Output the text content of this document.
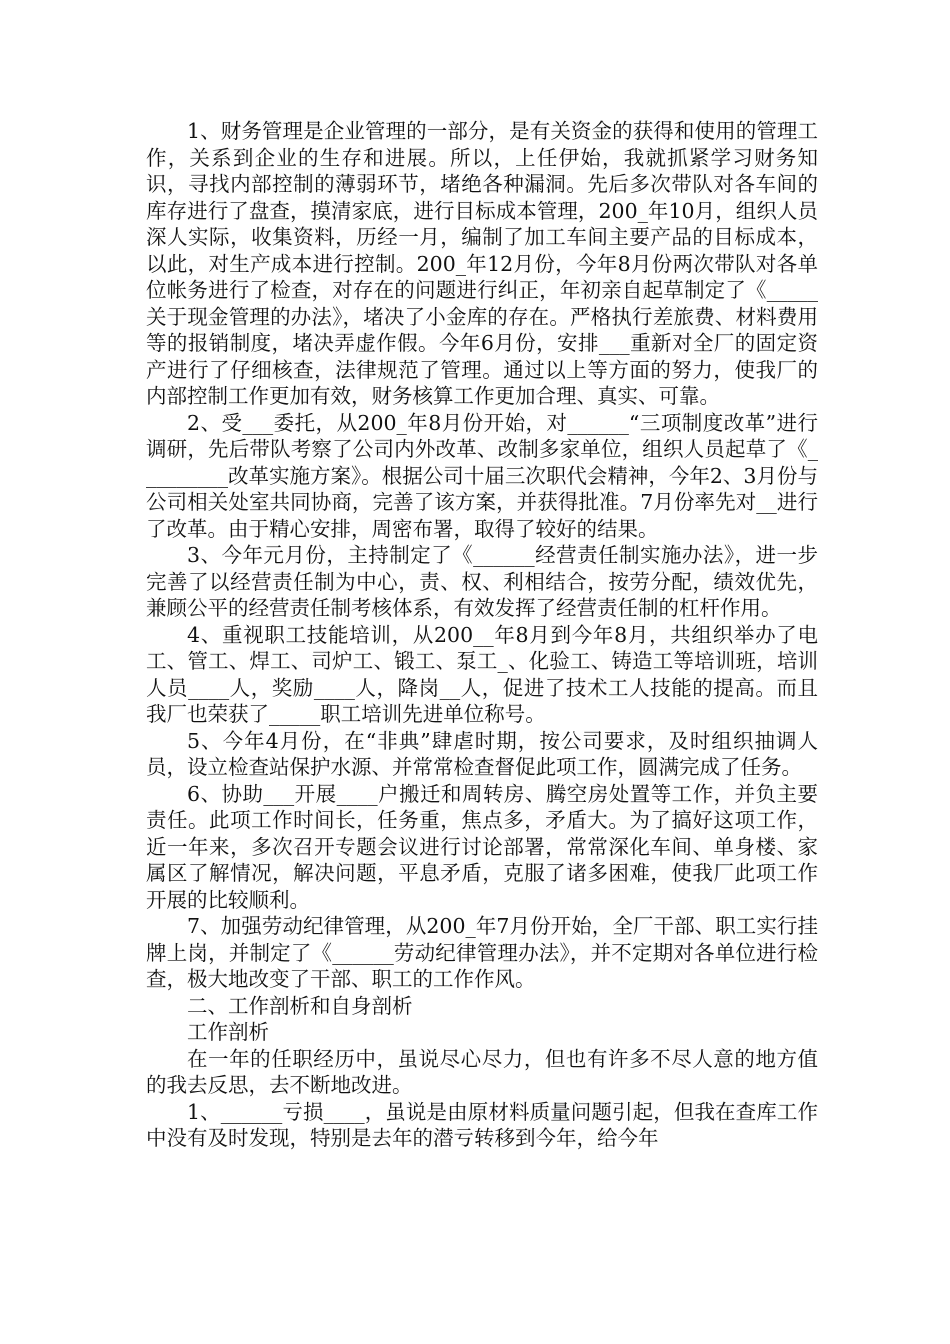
1、财务管理是企业管理的一部分，是有关资金的获得和使用的管理工作，关系到企业的生存和进展。所以，上任伊始，我就抓紧学习财务知识，寻找内部控制的薄弱环节，堵绝各种漏洞。先后多次带队对各车间的库存进行了盘查，摸清家底，进行目标成本管理，200_年10月，组织人员深人实际，收集资料，历经一月，编制了加工车间主要产品的目标成本，以此，对生产成本进行控制。200_年12月份，今年8月份两次带队对各单位帐务进行了检查，对存在的问题进行纠正，年初亲自起草制定了《_____关于现金管理的办法》，堵决了小金库的存在。严格执行差旅费、材料费用等的报销制度，堵决弄虚作假。今年6月份，安排___重新对全厂的固定资产进行了仔细核查，法律规范了管理。通过以上等方面的努力，使我厂的内部控制工作更加有效，财务核算工作更加合理、真实、可靠。

2、受___委托，从200_年8月份开始，对______“三项制度改革”进行调研，先后带队考察了公司内外改革、改制多家单位，组织人员起草了《_________改革实施方案》。根据公司十届三次职代会精神，今年2、3月份与公司相关处室共同协商，完善了该方案，并获得批准。7月份率先对__进行了改革。由于精心安排，周密布署，取得了较好的结果。

3、今年元月份，主持制定了《______经营责任制实施办法》，进一步完善了以经营责任制为中心，责、权、利相结合，按劳分配，绩效优先，兼顾公平的经营责任制考核体系，有效发挥了经营责任制的杠杆作用。

4、重视职工技能培训，从200__年8月到今年8月，共组织举办了电工、管工、焊工、司炉工、锻工、泵工_、化验工、铸造工等培训班，培训人员____人，奖励____人，降岗__人，促进了技术工人技能的提高。而且我厂也荣获了_____职工培训先进单位称号。

5、今年4月份，在“非典”肆虐时期，按公司要求，及时组织抽调人员，设立检查站保护水源、并常常检查督促此项工作，圆满完成了任务。

6、协助___开展____户搬迁和周转房、腾空房处置等工作，并负主要责任。此项工作时间长，任务重，焦点多，矛盾大。为了搞好这项工作，近一年来，多次召开专题会议进行讨论部署，常常深化车间、单身楼、家属区了解情况，解决问题，平息矛盾，克服了诸多困难，使我厂此项工作开展的比较顺利。

7、加强劳动纪律管理，从200_年7月份开始，全厂干部、职工实行挂牌上岗，并制定了《______劳动纪律管理办法》，并不定期对各单位进行检查，极大地改变了干部、职工的工作作风。

二、工作剖析和自身剖析

工作剖析

在一年的任职经历中，虽说尽心尽力，但也有许多不尽人意的地方值的我去反思，去不断地改进。

1、______亏损____，虽说是由原材料质量问题引起，但我在查库工作中没有及时发现，特别是去年的潜亏转移到今年，给今年
